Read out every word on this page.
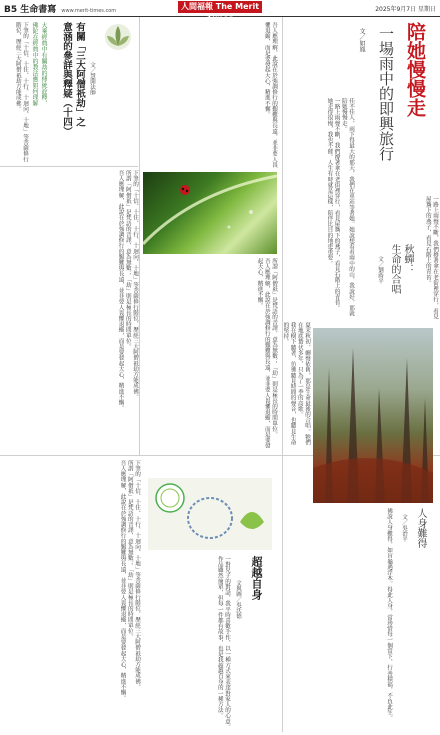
B5 生命書寫 www.merit-times.com	人間福報 The Merit Times
2025年9月7日 星期日
陪她慢慢走
一場雨中的即興旅行
文／如鳳

佳不佳人，雨下得最大的那天，我們在車站等著她。她說想看看雨中的山，我說好，那就陪她慢慢走。

一路上雨聲不斷，我們撐著傘在老街裡穿行，看見屋簷下的燕子，看見石階上的青苔。

她走得很慢，我也不催。人生有時就是這樣，陪伴比目的地更重要。	一路上雨聲不斷，我們撐著傘在老街裡穿行，看見屋簷下的燕子，看見石階上的青苔。

秋蟬：
生命的合唱
文／劉蒔平

夏末秋初，蟬聲依舊，那是生命最後的合唱。牠們在地底蟄伏多年，只為了一季的高歌。

我在樹下聽著，彷彿聽見時間的聲音，也聽見生命的堅持。

文／慧開法師
有關「三大阿僧祇劫」之
意涵的參詳與釋疑（十四）
大乘經典中有關劫的傳統詮釋，
佛陀在經典中的教法應如何理解

下筆的「十信、十住、十行、十迴向、十地」等菩薩修行階位，歷經三大阿僧祇劫方能成佛。

下筆的「十信、十住、十行、十迴向、十地」等菩薩修行階位，歷經三大阿僧祇劫方能成佛。

所謂「阿僧祇」是梵語的音譯，意為無數；「劫」則是極長的時間單位。

吾人應理解，此說在於強調修行的艱難與長遠，並非要人畏懼退縮，而是要發起大心，精進不懈。	所謂「阿僧祇」是梵語的音譯，意為無數；「劫」則是極長的時間單位。

吾人應理解，此說在於強調修行的艱難與長遠，並非要人畏懼退縮，而是要發起大心，精進不懈。

吾人應理解，此說在於強調修行的艱難與長遠，並非要人畏懼退縮，而是要發起大心，精進不懈。

下筆的「十信、十住、十行、十迴向、十地」等菩薩修行階位，歷經三大阿僧祇劫方能成佛。

所謂「阿僧祇」是梵語的音譯，意為無數；「劫」則是極長的時間單位。

吾人應理解，此說在於強調修行的艱難與長遠，並非要人畏懼退縮，而是要發起大心，精進不懈。	超越自身
文與圖／吳沃德

一對兒子的對話，我平時喜歡手作，以一種方式來表達對家人的心意。

作品雖然簡單，但每一件都有故事，也是我超越自身的一種方法。

人身難得
文／吳治平

佛說人身難得，如盲龜遇浮木。得此人身，當珍惜每一個當下，行善積福，不負此生。
